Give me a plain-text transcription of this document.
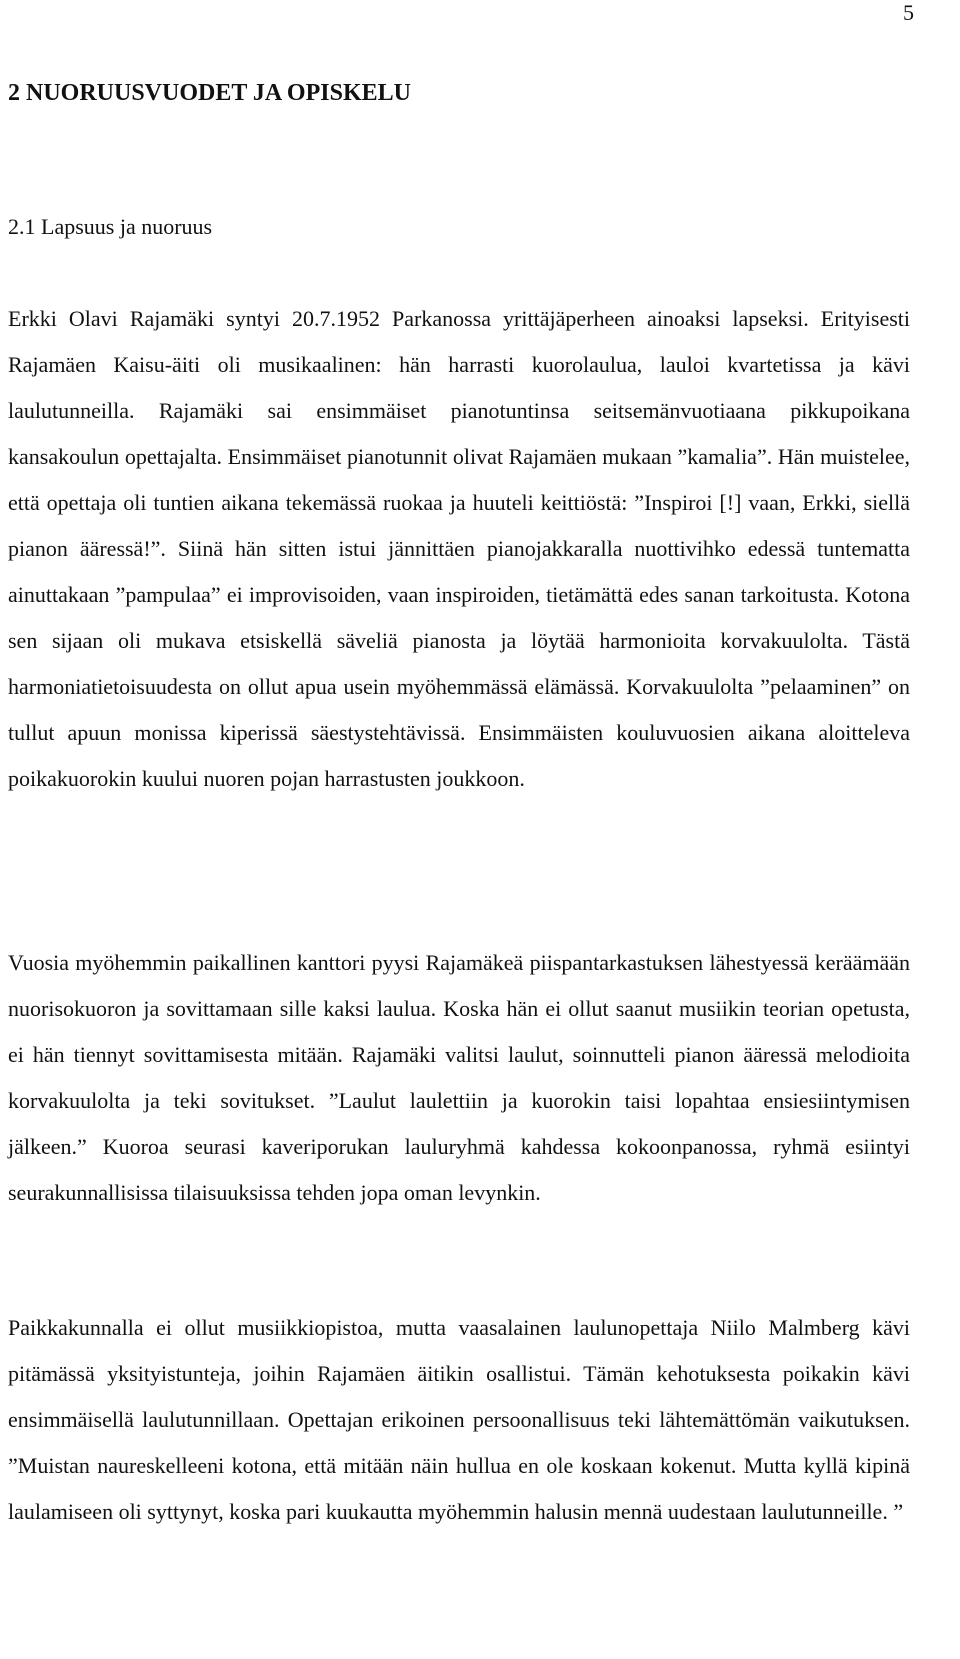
5
2 NUORUUSVUODET JA OPISKELU
2.1 Lapsuus ja nuoruus

Erkki Olavi Rajamäki syntyi 20.7.1952 Parkanossa yrittäjäperheen ainoaksi lapseksi. Erityisesti Rajamäen Kaisu-äiti oli musikaalinen: hän harrasti kuorolaulua, lauloi kvartetissa ja kävi laulutunneilla. Rajamäki sai ensimmäiset pianotuntinsa seitsemänvuotiaana pikkupoikana kansakoulun opettajalta. Ensimmäiset pianotunnit olivat Rajamäen mukaan ”kamalia”. Hän muistelee, että opettaja oli tuntien aikana tekemässä ruokaa ja huuteli keittiöstä: ”Inspiroi [!] vaan, Erkki, siellä pianon ääressä!”. Siinä hän sitten istui jännittäen pianojakkaralla nuottivihko edessä tuntematta ainuttakaan ”pampulaa” ei improvisoiden, vaan inspiroiden, tietämättä edes sanan tarkoitusta. Kotona sen sijaan oli mukava etsiskellä säveliä pianosta ja löytää harmonioita korvakuulolta. Tästä harmoniatietoisuudesta on ollut apua usein myöhemmässä elämässä. Korvakuulolta ”pelaaminen” on tullut apuun monissa kiperissä säestystehtävissä. Ensimmäisten kouluvuosien aikana aloitteleva poikakuorokin kuului nuoren pojan harrastusten joukkoon.

Vuosia myöhemmin paikallinen kanttori pyysi Rajamäkeä piispantarkastuksen lähestyessä keräämään nuorisokuoron ja sovittamaan sille kaksi laulua. Koska hän ei ollut saanut musiikin teorian opetusta, ei hän tiennyt sovittamisesta mitään. Rajamäki valitsi laulut, soinnutteli pianon ääressä melodioita korvakuulolta ja teki sovitukset. ”Laulut laulettiin ja kuorokin taisi lopahtaa ensiesiintymisen jälkeen.” Kuoroa seurasi kaveriporukan lauluryhmä kahdessa kokoonpanossa, ryhmä esiintyi seurakunnallisissa tilaisuuksissa tehden jopa oman levynkin.

Paikkakunnalla ei ollut musiikkiopistoa, mutta vaasalainen laulunopettaja Niilo Malmberg kävi pitämässä yksityistunteja, joihin Rajamäen äitikin osallistui. Tämän kehotuksesta poikakin kävi ensimmäisellä laulutunnillaan. Opettajan erikoinen persoonallisuus teki lähtemättömän vaikutuksen. ”Muistan naureskelleeni kotona, että mitään näin hullua en ole koskaan kokenut. Mutta kyllä kipinä laulamiseen oli syttynyt, koska pari kuukautta myöhemmin halusin mennä uudestaan laulutunneille. ”
